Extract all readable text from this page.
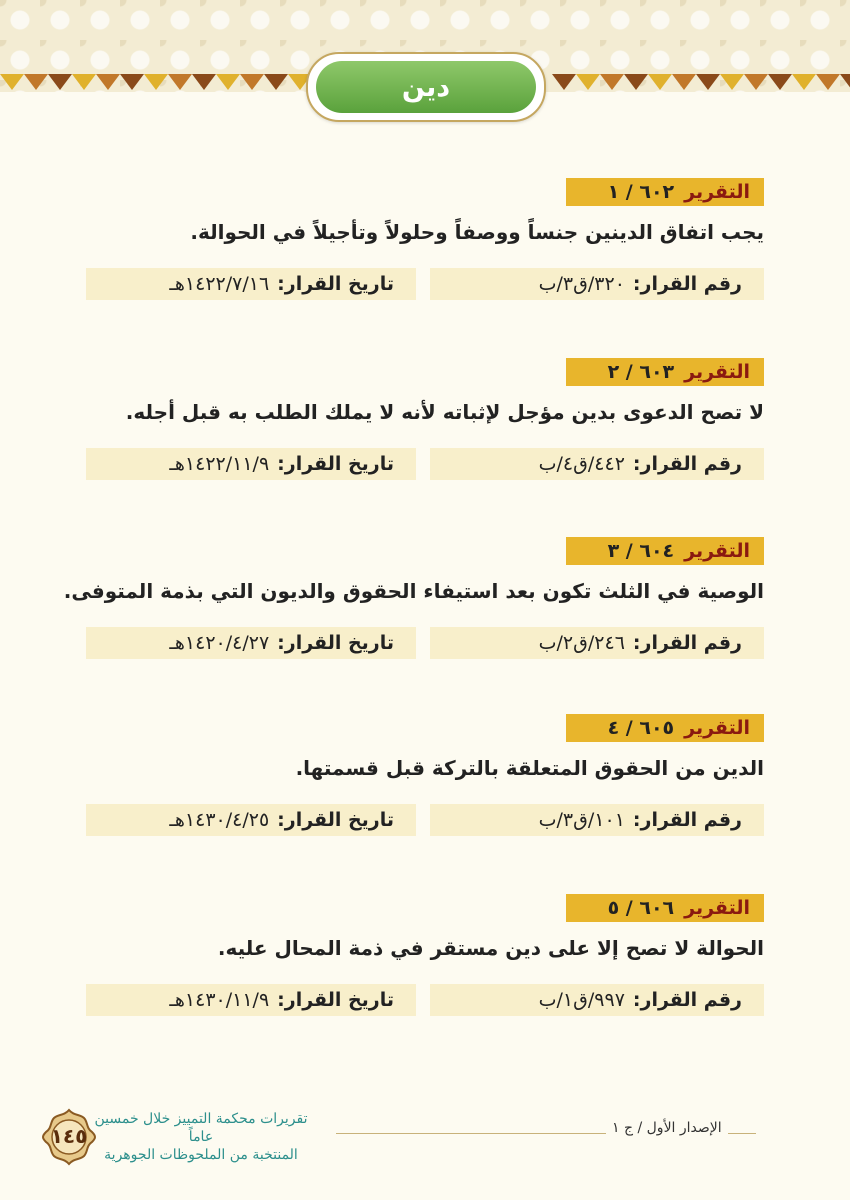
دين
التقرير
٦٠٢ / ١
يجب اتفاق الدينين جنساً ووصفاً وحلولاً وتأجيلاً في الحوالة.
رقم القرار:
٣٢٠/ق٣/ب
تاريخ القرار:
١٤٢٢/٧/١٦هـ
التقرير
٦٠٣ / ٢
لا تصح الدعوى بدين مؤجل لإثباته لأنه لا يملك الطلب به قبل أجله.
رقم القرار:
٤٤٢/ق٤/ب
تاريخ القرار:
١٤٢٢/١١/٩هـ
التقرير
٦٠٤ / ٣
الوصية في الثلث تكون بعد استيفاء الحقوق والديون التي بذمة المتوفى.
رقم القرار:
٢٤٦/ق٢/ب
تاريخ القرار:
١٤٢٠/٤/٢٧هـ
التقرير
٦٠٥ / ٤
الدين من الحقوق المتعلقة بالتركة قبل قسمتها.
رقم القرار:
١٠١/ق٣/ب
تاريخ القرار:
١٤٣٠/٤/٢٥هـ
التقرير
٦٠٦ / ٥
الحوالة لا تصح إلا على دين مستقر في ذمة المحال عليه.
رقم القرار:
٩٩٧/ق١/ب
تاريخ القرار:
١٤٣٠/١١/٩هـ
الإصدار الأول / ج ١
تقريرات محكمة التمييز خلال خمسين عاماً
المنتخبة من الملحوظات الجوهرية
١٤٥
